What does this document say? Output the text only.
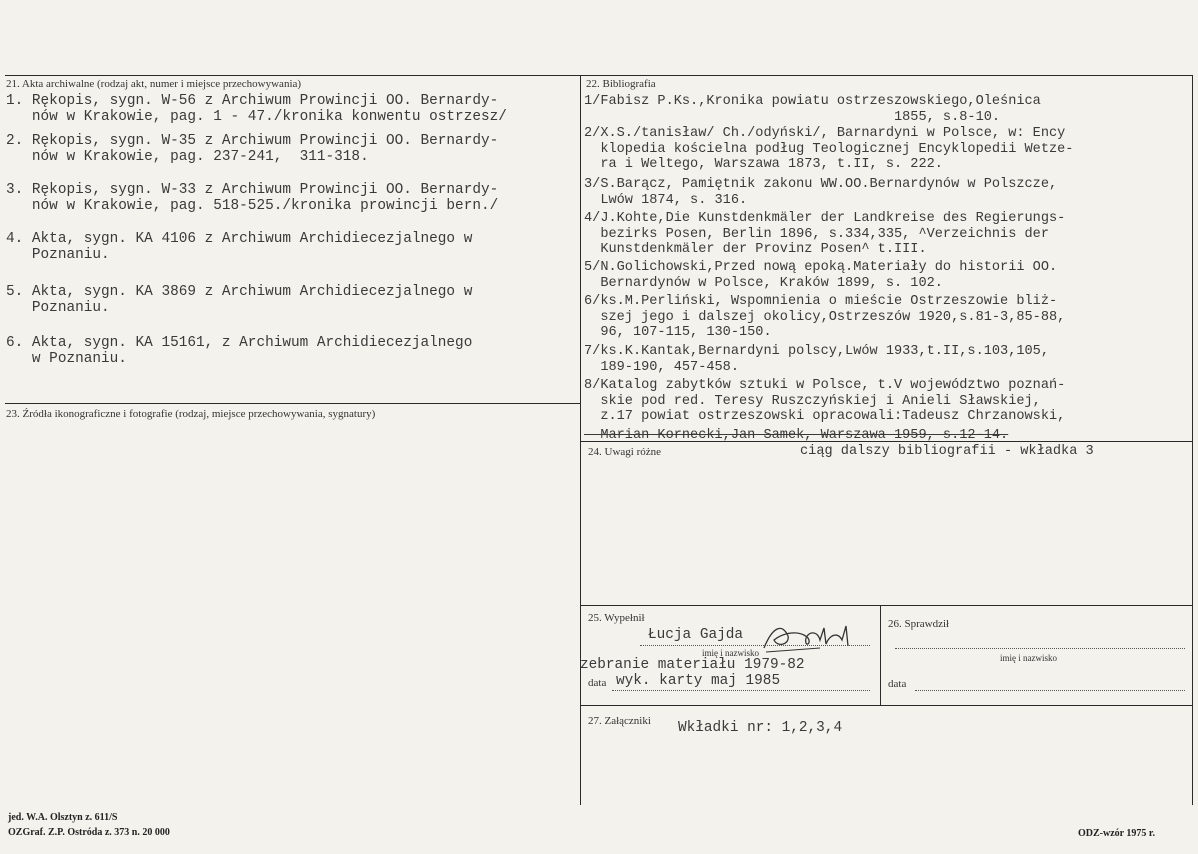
21. Akta archiwalne (rodzaj akt, numer i miejsce przechowywania)
1. Rękopis, sygn. W-56 z Archiwum Prowincji OO. Bernardy-
nów w Krakowie, pag. 1 - 47./kronika konwentu ostrzesz/
2. Rękopis, sygn. W-35 z Archiwum Prowincji OO. Bernardy-
nów w Krakowie, pag. 237-241,  311-318.
3. Rękopis, sygn. W-33 z Archiwum Prowincji OO. Bernardy-
nów w Krakowie, pag. 518-525./kronika prowincji bern./
4. Akta, sygn. KA 4106 z Archiwum Archidiecezjalnego w
Poznaniu.
5. Akta, sygn. KA 3869 z Archiwum Archidiecezjalnego w
Poznaniu.
6. Akta, sygn. KA 15161, z Archiwum Archidiecezjalnego
w Poznaniu.
22. Bibliografia
1/Fabisz P.Ks.,Kronika powiatu ostrzeszowskiego,Oleśnica
1855, s.8-10.
2/X.S./tanisław/ Ch./odyński/, Barnardyni w Polsce, w: Ency
klopedia kościelna podług Teologicznej Encyklopedii Wetze-
ra i Weltego, Warszawa 1873, t.II, s. 222.
3/S.Barącz, Pamiętnik zakonu WW.OO.Bernardynów w Polszcze,
Lwów 1874, s. 316.
4/J.Kohte,Die Kunstdenkmäler der Landkreise des Regierungs-
bezirks Posen, Berlin 1896, s.334,335, ^Verzeichnis der
Kunstdenkmäler der Provinz Posen^ t.III.
5/N.Golichowski,Przed nową epoką.Materiały do historii OO.
Bernardynów w Polsce, Kraków 1899, s. 102.
6/ks.M.Perliński, Wspomnienia o mieście Ostrzeszowie bliż-
szej jego i dalszej okolicy,Ostrzeszów 1920,s.81-3,85-88,
96, 107-115, 130-150.
7/ks.K.Kantak,Bernardyni polscy,Lwów 1933,t.II,s.103,105,
189-190, 457-458.
8/Katalog zabytków sztuki w Polsce, t.V województwo poznań-
skie pod red. Teresy Ruszczyńskiej i Anieli Sławskiej,
z.17 powiat ostrzeszowski opracowali:Tadeusz Chrzanowski,
Marian Kornecki,Jan Samek, Warszawa 1959, s.12-14.
23. Źródła ikonograficzne i fotografie (rodzaj, miejsce przechowywania, sygnatury)
24. Uwagi różne	ciąg dalszy bibliografii - wkładka 3
25. Wypełnił
Łucja Gajda
imię i nazwisko
zebranie materiału 1979-82
data wyk. karty maj 1985
26. Sprawdził
imię i nazwisko
data
27. Załączniki Wkładki nr: 1,2,3,4
jed. W.A. Olsztyn z. 611/S
OZGraf. Z.P. Ostróda z. 373 n. 20 000	ODZ-wzór 1975 r.
